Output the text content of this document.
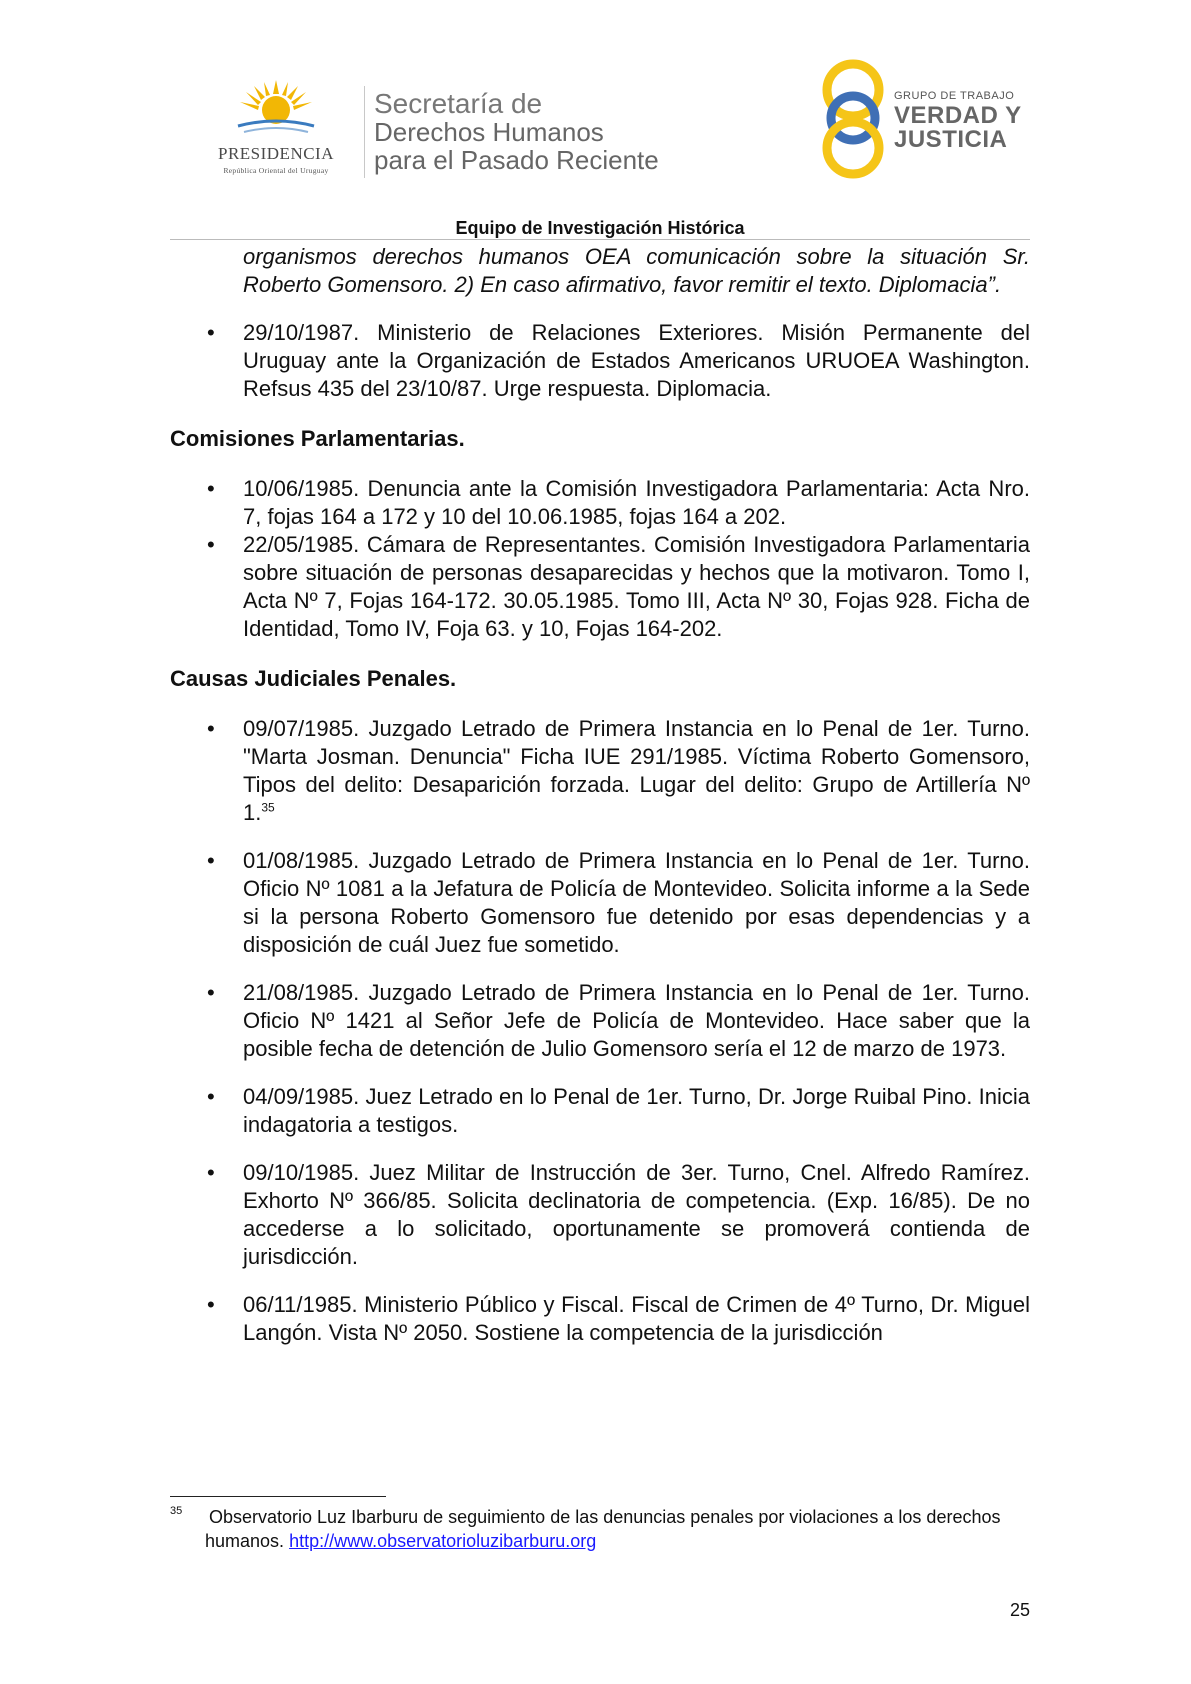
PRESIDENCIA
República Oriental del Uruguay
Secretaría de
Derechos Humanos
para el Pasado Reciente
GRUPO DE TRABAJO
VERDAD Y
JUSTICIA
Equipo de Investigación Histórica

organismos derechos humanos OEA comunicación sobre la situación Sr. Roberto Gomensoro. 2) En caso afirmativo, favor remitir el texto. Diplomacia”.

• 29/10/1987. Ministerio de Relaciones Exteriores. Misión Permanente del Uruguay ante la Organización de Estados Americanos URUOEA Washington. Refsus 435 del 23/10/87. Urge respuesta. Diplomacia.

Comisiones Parlamentarias.

• 10/06/1985. Denuncia ante la Comisión Investigadora Parlamentaria: Acta Nro. 7, fojas 164 a 172 y 10 del 10.06.1985, fojas 164 a 202.

• 22/05/1985. Cámara de Representantes. Comisión Investigadora Parlamentaria sobre situación de personas desaparecidas y hechos que la motivaron. Tomo I, Acta Nº 7, Fojas 164-172. 30.05.1985. Tomo III, Acta Nº 30, Fojas 928. Ficha de Identidad, Tomo IV, Foja 63. y 10, Fojas 164-202.

Causas Judiciales Penales.

• 09/07/1985. Juzgado Letrado de Primera Instancia en lo Penal de 1er. Turno. "Marta Josman. Denuncia" Ficha IUE 291/1985. Víctima Roberto Gomensoro, Tipos del delito: Desaparición forzada. Lugar del delito: Grupo de Artillería Nº 1.35

• 01/08/1985. Juzgado Letrado de Primera Instancia en lo Penal de 1er. Turno. Oficio Nº 1081 a la Jefatura de Policía de Montevideo. Solicita informe a la Sede si la persona Roberto Gomensoro fue detenido por esas dependencias y a disposición de cuál Juez fue sometido.

• 21/08/1985. Juzgado Letrado de Primera Instancia en lo Penal de 1er. Turno. Oficio Nº 1421 al Señor Jefe de Policía de Montevideo. Hace saber que la posible fecha de detención de Julio Gomensoro sería el 12 de marzo de 1973.

• 04/09/1985. Juez Letrado en lo Penal de 1er. Turno, Dr. Jorge Ruibal Pino. Inicia indagatoria a testigos.

• 09/10/1985. Juez Militar de Instrucción de 3er. Turno, Cnel. Alfredo Ramírez. Exhorto Nº 366/85. Solicita declinatoria de competencia. (Exp. 16/85). De no accederse a lo solicitado, oportunamente se promoverá contienda de jurisdicción.

• 06/11/1985. Ministerio Público y Fiscal. Fiscal de Crimen de 4º Turno, Dr. Miguel Langón. Vista Nº 2050. Sostiene la competencia de la jurisdicción

35 Observatorio Luz Ibarburu de seguimiento de las denuncias penales por violaciones a los derechos humanos. http://www.observatorioluzibarburu.org
25
